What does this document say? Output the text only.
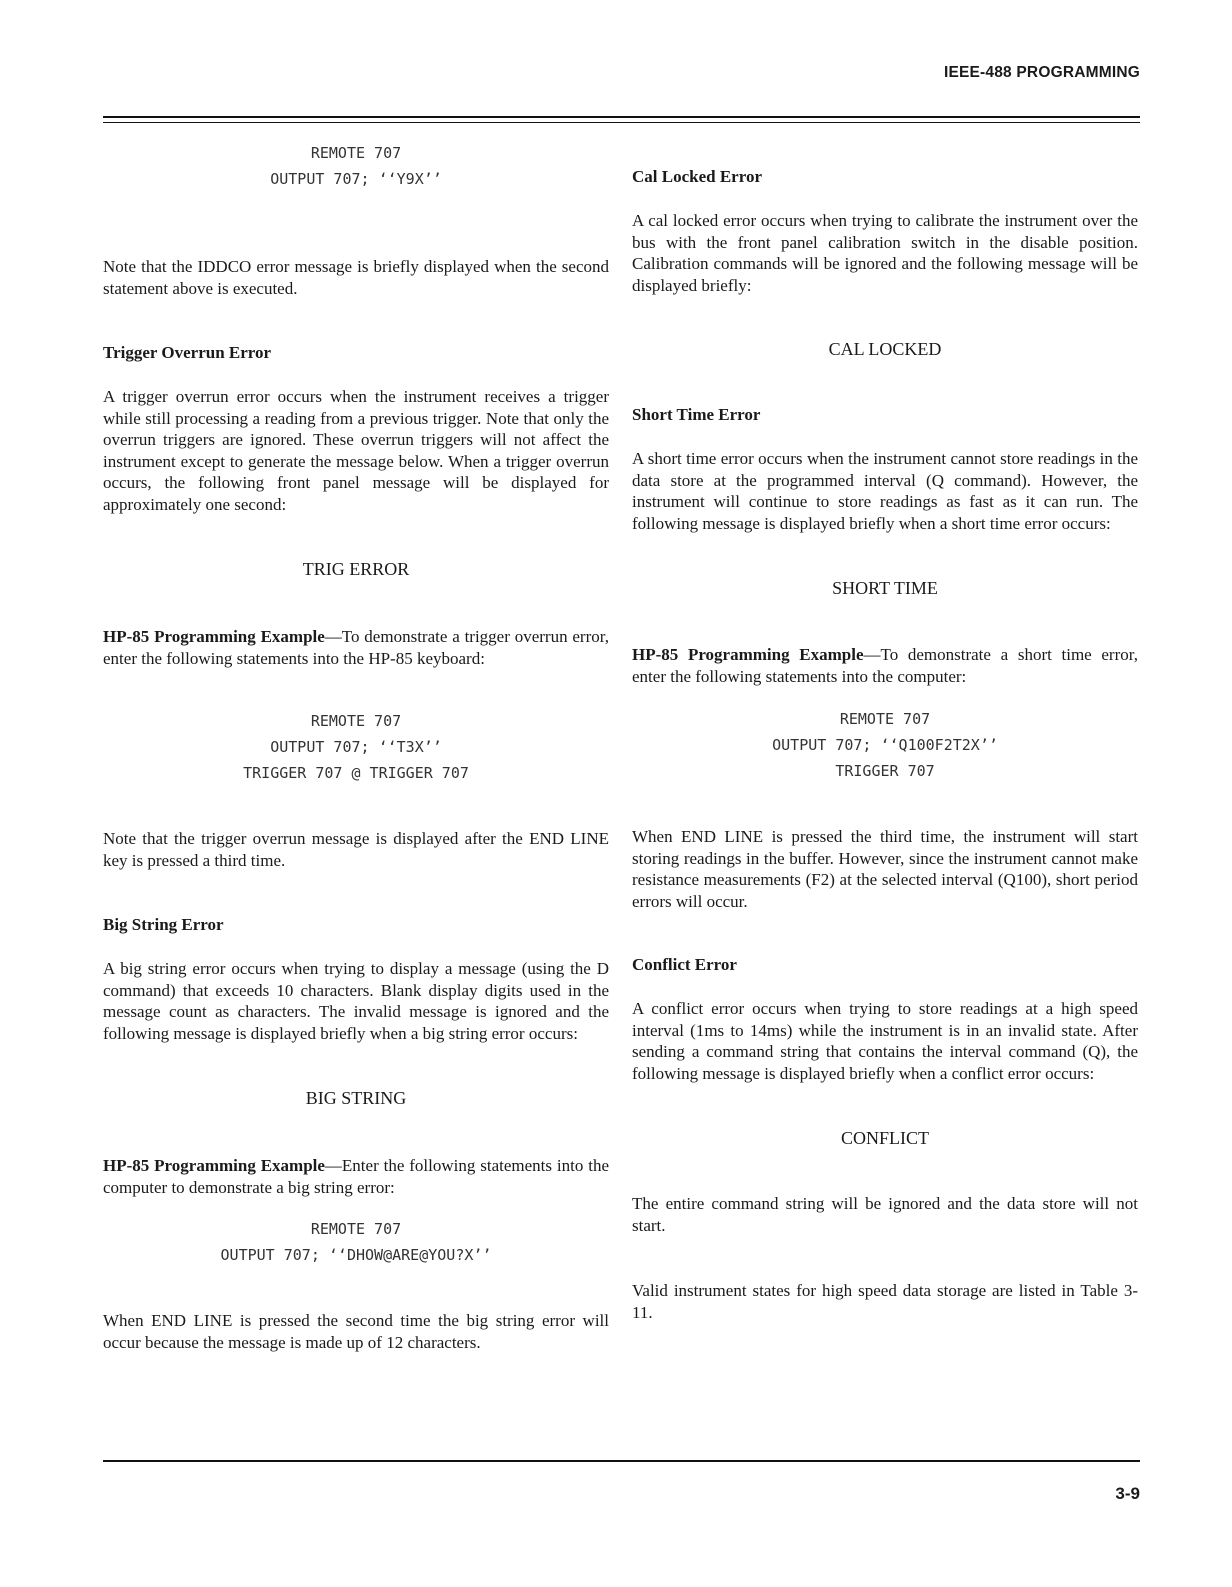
IEEE-488 PROGRAMMING
REMOTE 707
OUTPUT 707; ‘‘Y9X’’

Note that the IDDCO error message is briefly displayed when the second statement above is executed.

Trigger Overrun Error

A trigger overrun error occurs when the instrument receives a trigger while still processing a reading from a previous trigger. Note that only the overrun triggers are ignored. These overrun triggers will not affect the instrument except to generate the message below. When a trigger overrun occurs, the following front panel message will be displayed for approximately one second:

TRIG ERROR

HP-85 Programming Example—To demonstrate a trigger overrun error, enter the following statements into the HP-85 keyboard:

REMOTE 707
OUTPUT 707; ‘‘T3X’’
TRIGGER 707 @ TRIGGER 707

Note that the trigger overrun message is displayed after the END LINE key is pressed a third time.

Big String Error

A big string error occurs when trying to display a message (using the D command) that exceeds 10 characters. Blank display digits used in the message count as characters. The invalid message is ignored and the following message is displayed briefly when a big string error occurs:

BIG STRING

HP-85 Programming Example—Enter the following statements into the computer to demonstrate a big string error:

REMOTE 707
OUTPUT 707; ‘‘DHOW@ARE@YOU?X’’

When END LINE is pressed the second time the big string error will occur because the message is made up of 12 characters.

Cal Locked Error

A cal locked error occurs when trying to calibrate the instrument over the bus with the front panel calibration switch in the disable position. Calibration commands will be ignored and the following message will be displayed briefly:

CAL LOCKED

Short Time Error

A short time error occurs when the instrument cannot store readings in the data store at the programmed interval (Q command). However, the instrument will continue to store readings as fast as it can run. The following message is displayed briefly when a short time error occurs:

SHORT TIME

HP-85 Programming Example—To demonstrate a short time error, enter the following statements into the computer:

REMOTE 707
OUTPUT 707; ‘‘Q100F2T2X’’
TRIGGER 707

When END LINE is pressed the third time, the instrument will start storing readings in the buffer. However, since the instrument cannot make resistance measurements (F2) at the selected interval (Q100), short period errors will occur.

Conflict Error

A conflict error occurs when trying to store readings at a high speed interval (1ms to 14ms) while the instrument is in an invalid state. After sending a command string that contains the interval command (Q), the following message is displayed briefly when a conflict error occurs:

CONFLICT

The entire command string will be ignored and the data store will not start.

Valid instrument states for high speed data storage are listed in Table 3-11.

3-9
